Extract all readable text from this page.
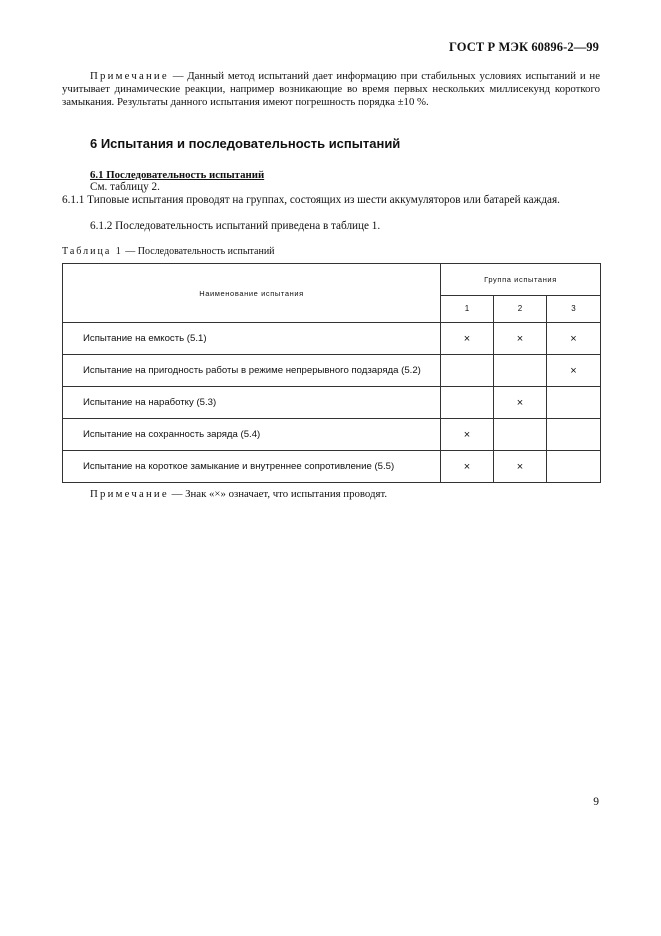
ГОСТ Р МЭК 60896-2—99
Примечание — Данный метод испытаний дает информацию при стабильных условиях испытаний и не учитывает динамические реакции, например возникающие во время первых нескольких миллисекунд короткого замыкания. Результаты данного испытания имеют погрешность порядка ±10 %.
6 Испытания и последовательность испытаний
6.1 Последовательность испытаний
См. таблицу 2.
6.1.1 Типовые испытания проводят на группах, состоящих из шести аккумуляторов или батарей каждая.
6.1.2 Последовательность испытаний приведена в таблице 1.
Таблица 1 — Последовательность испытаний
Наименование испытания	Группа испытания		
	1	2	3
Испытание на емкость (5.1)	×	×	×
Испытание на пригодность работы в режиме непрерывного подзаряда (5.2)			×
Испытание на наработку (5.3)		×	
Испытание на сохранность заряда (5.4)	×		
Испытание на короткое замыкание и внутреннее сопротивление (5.5)	×	×	
Примечание — Знак «×» означает, что испытания проводят.
9
